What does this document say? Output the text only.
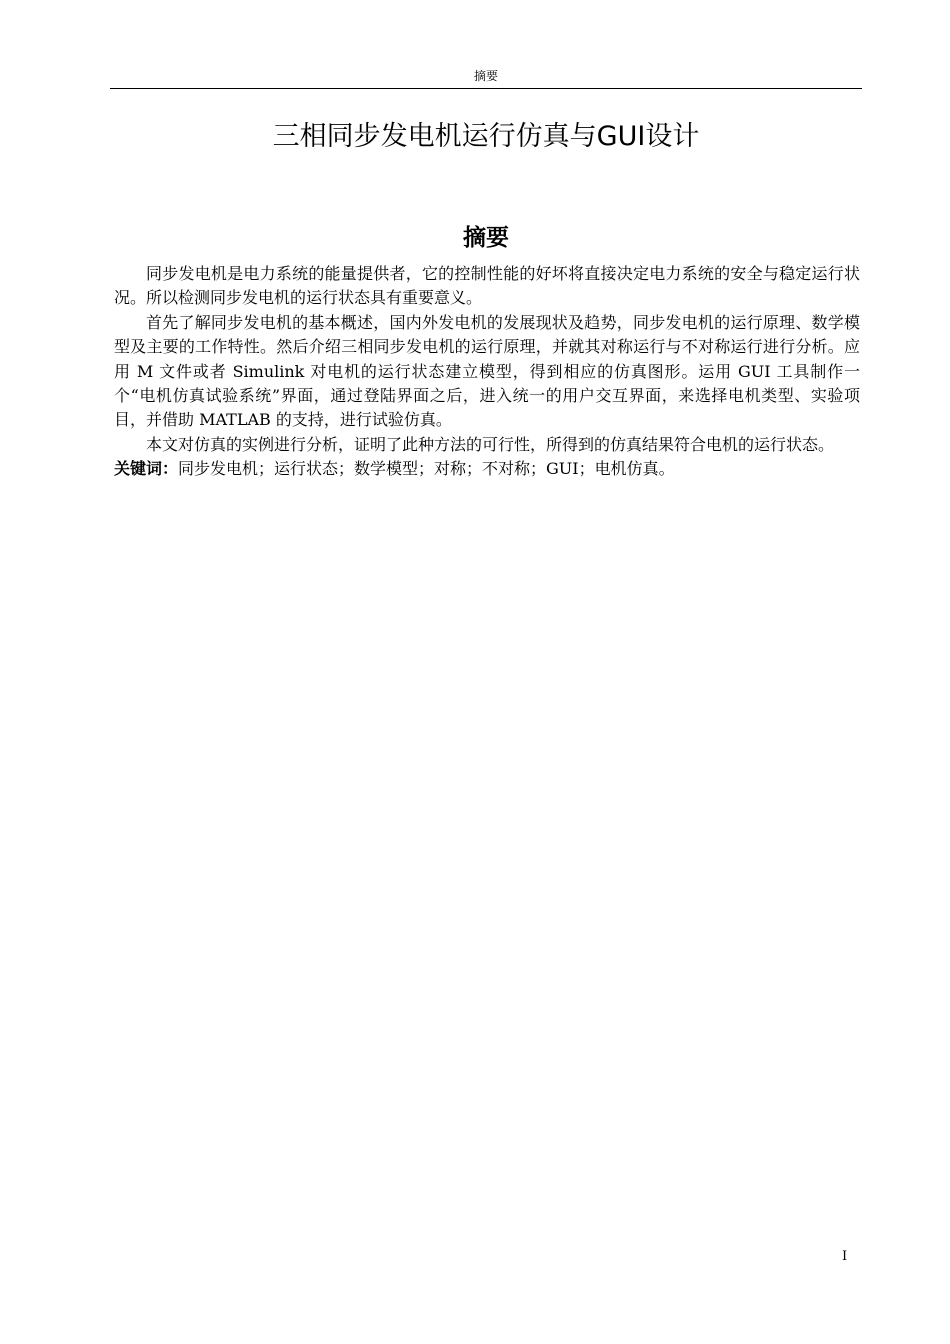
摘要
三相同步发电机运行仿真与GUI设计
摘要

同步发电机是电力系统的能量提供者，它的控制性能的好坏将直接决定电力系统的安全与稳定运行状况。所以检测同步发电机的运行状态具有重要意义。

首先了解同步发电机的基本概述，国内外发电机的发展现状及趋势，同步发电机的运行原理、数学模型及主要的工作特性。然后介绍三相同步发电机的运行原理，并就其对称运行与不对称运行进行分析。应用 M 文件或者 Simulink 对电机的运行状态建立模型，得到相应的仿真图形。运用 GUI 工具制作一个“电机仿真试验系统”界面，通过登陆界面之后，进入统一的用户交互界面，来选择电机类型、实验项目，并借助 MATLAB 的支持，进行试验仿真。

本文对仿真的实例进行分析，证明了此种方法的可行性，所得到的仿真结果符合电机的运行状态。

关键词：同步发电机；运行状态；数学模型；对称；不对称；GUI；电机仿真。
I
